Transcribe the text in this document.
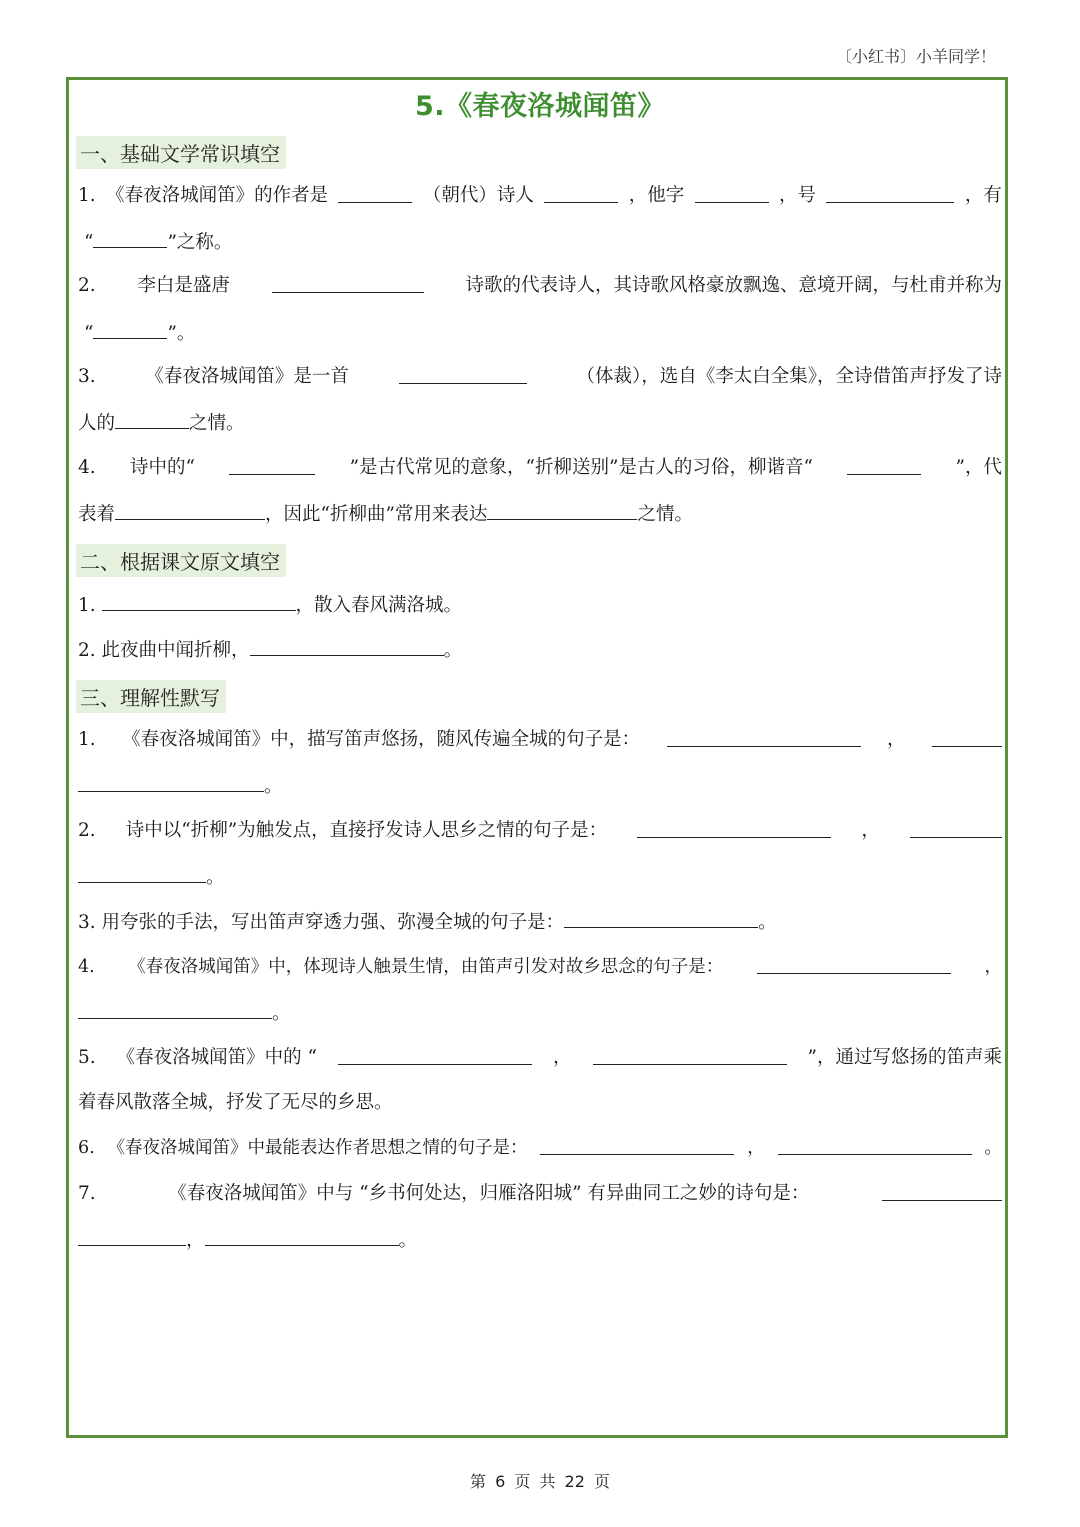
〔小红书〕小羊同学！
5.《春夜洛城闻笛》
一、基础文学常识填空
1. 《春夜洛城闻笛》的作者是	（朝代）诗人	，他字	，号	，有
“	”之称。
2. 李白是盛唐	诗歌的代表诗人，其诗歌风格豪放飘逸、意境开阔，与杜甫并称为
“	”。
3.	《春夜洛城闻笛》是一首	（体裁），选自《李太白全集》，全诗借笛声抒发了诗
人的	之情。
4. 诗中的“	”是古代常见的意象，“折柳送别”是古人的习俗，柳谐音“	”，代
表着	，因此“折柳曲”常用来表达	之情。
二、根据课文原文填空
1.	，散入春风满洛城。
2. 此夜曲中闻折柳，	。
三、理解性默写
1. 《春夜洛城闻笛》中，描写笛声悠扬，随风传遍全城的句子是：	，
。
2. 诗中以“折柳”为触发点，直接抒发诗人思乡之情的句子是：	，
。
3. 用夸张的手法，写出笛声穿透力强、弥漫全城的句子是：	。
4. 《春夜洛城闻笛》中，体现诗人触景生情，由笛声引发对故乡思念的句子是：	，
。
5. 《春夜洛城闻笛》中的 “	，	”，通过写悠扬的笛声乘
着春风散落全城，抒发了无尽的乡思。
6. 《春夜洛城闻笛》中最能表达作者思想之情的句子是：	，	。
7.	《春夜洛城闻笛》中与 “乡书何处达，归雁洛阳城” 有异曲同工之妙的诗句是：
，	。
第 6 页 共 22 页
